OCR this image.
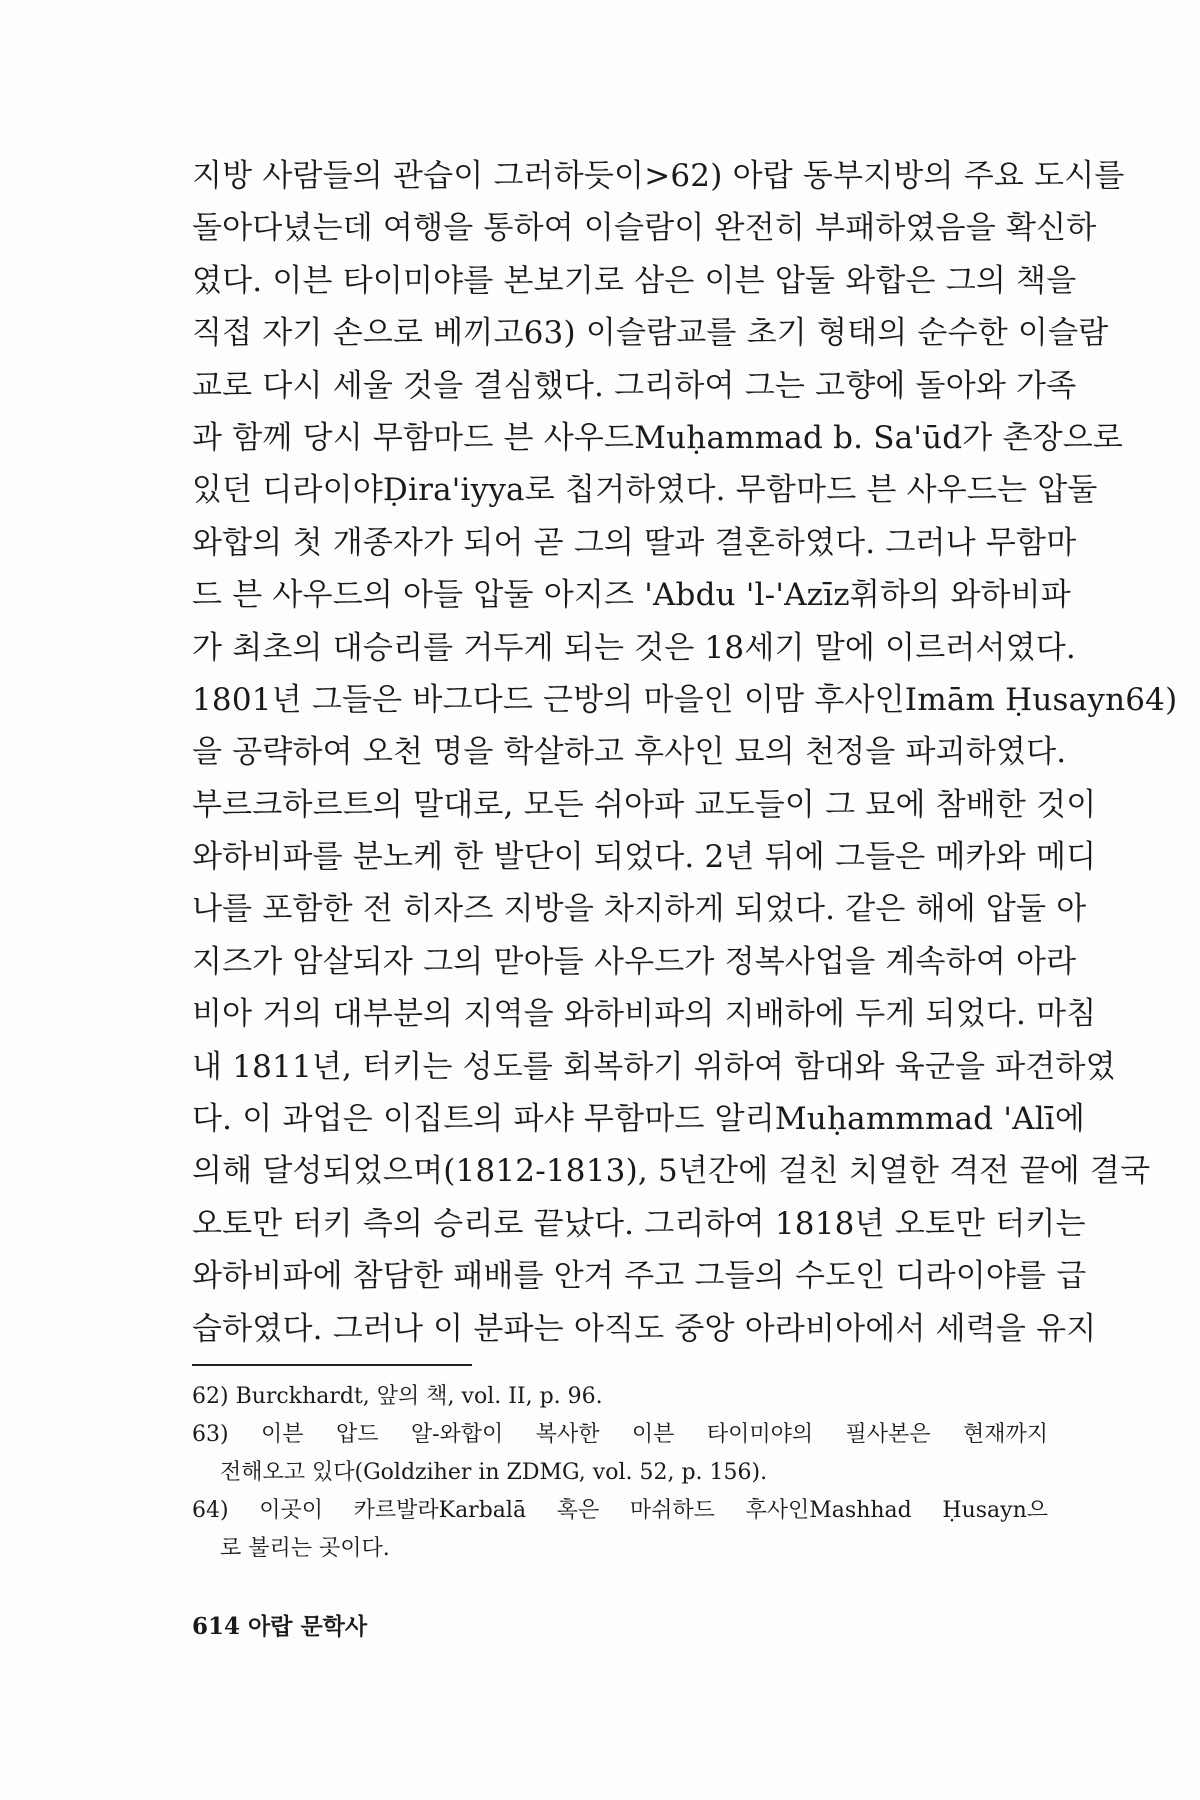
지방 사람들의 관습이 그러하듯이>62) 아랍 동부지방의 주요 도시를
돌아다녔는데 여행을 통하여 이슬람이 완전히 부패하였음을 확신하
였다. 이븐 타이미야를 본보기로 삼은 이븐 압둘 와합은 그의 책을
직접 자기 손으로 베끼고63) 이슬람교를 초기 형태의 순수한 이슬람
교로 다시 세울 것을 결심했다. 그리하여 그는 고향에 돌아와 가족
과 함께 당시 무함마드 븐 사우드Muḥammad b. Sa'ūd가 촌장으로
있던 디라이야Ḍira'iyya로 칩거하였다. 무함마드 븐 사우드는 압둘
와합의 첫 개종자가 되어 곧 그의 딸과 결혼하였다. 그러나 무함마
드 븐 사우드의 아들 압둘 아지즈 'Abdu 'l-'Azīz휘하의 와하비파
가 최초의 대승리를 거두게 되는 것은 18세기 말에 이르러서였다.
1801년 그들은 바그다드 근방의 마을인 이맘 후사인Imām Ḥusayn64)
을 공략하여 오천 명을 학살하고 후사인 묘의 천정을 파괴하였다.
부르크하르트의 말대로, 모든 쉬아파 교도들이 그 묘에 참배한 것이
와하비파를 분노케 한 발단이 되었다. 2년 뒤에 그들은 메카와 메디
나를 포함한 전 히자즈 지방을 차지하게 되었다. 같은 해에 압둘 아
지즈가 암살되자 그의 맏아들 사우드가 정복사업을 계속하여 아라
비아 거의 대부분의 지역을 와하비파의 지배하에 두게 되었다. 마침
내 1811년, 터키는 성도를 회복하기 위하여 함대와 육군을 파견하였
다. 이 과업은 이집트의 파샤 무함마드 알리Muḥammmad 'Alī에
의해 달성되었으며(1812-1813), 5년간에 걸친 치열한 격전 끝에 결국
오토만 터키 측의 승리로 끝났다. 그리하여 1818년 오토만 터키는
와하비파에 참담한 패배를 안겨 주고 그들의 수도인 디라이야를 급
습하였다. 그러나 이 분파는 아직도 중앙 아라비아에서 세력을 유지
62) Burckhardt, 앞의 책, vol. II, p. 96.
63) 이븐 압드 알-와합이 복사한 이븐 타이미야의 필사본은 현재까지
전해오고 있다(Goldziher in ZDMG, vol. 52, p. 156).
64) 이곳이 카르발라Karbalā 혹은 마쉬하드 후사인Mashhad Ḥusayn으
로 불리는 곳이다.
614 아랍 문학사
